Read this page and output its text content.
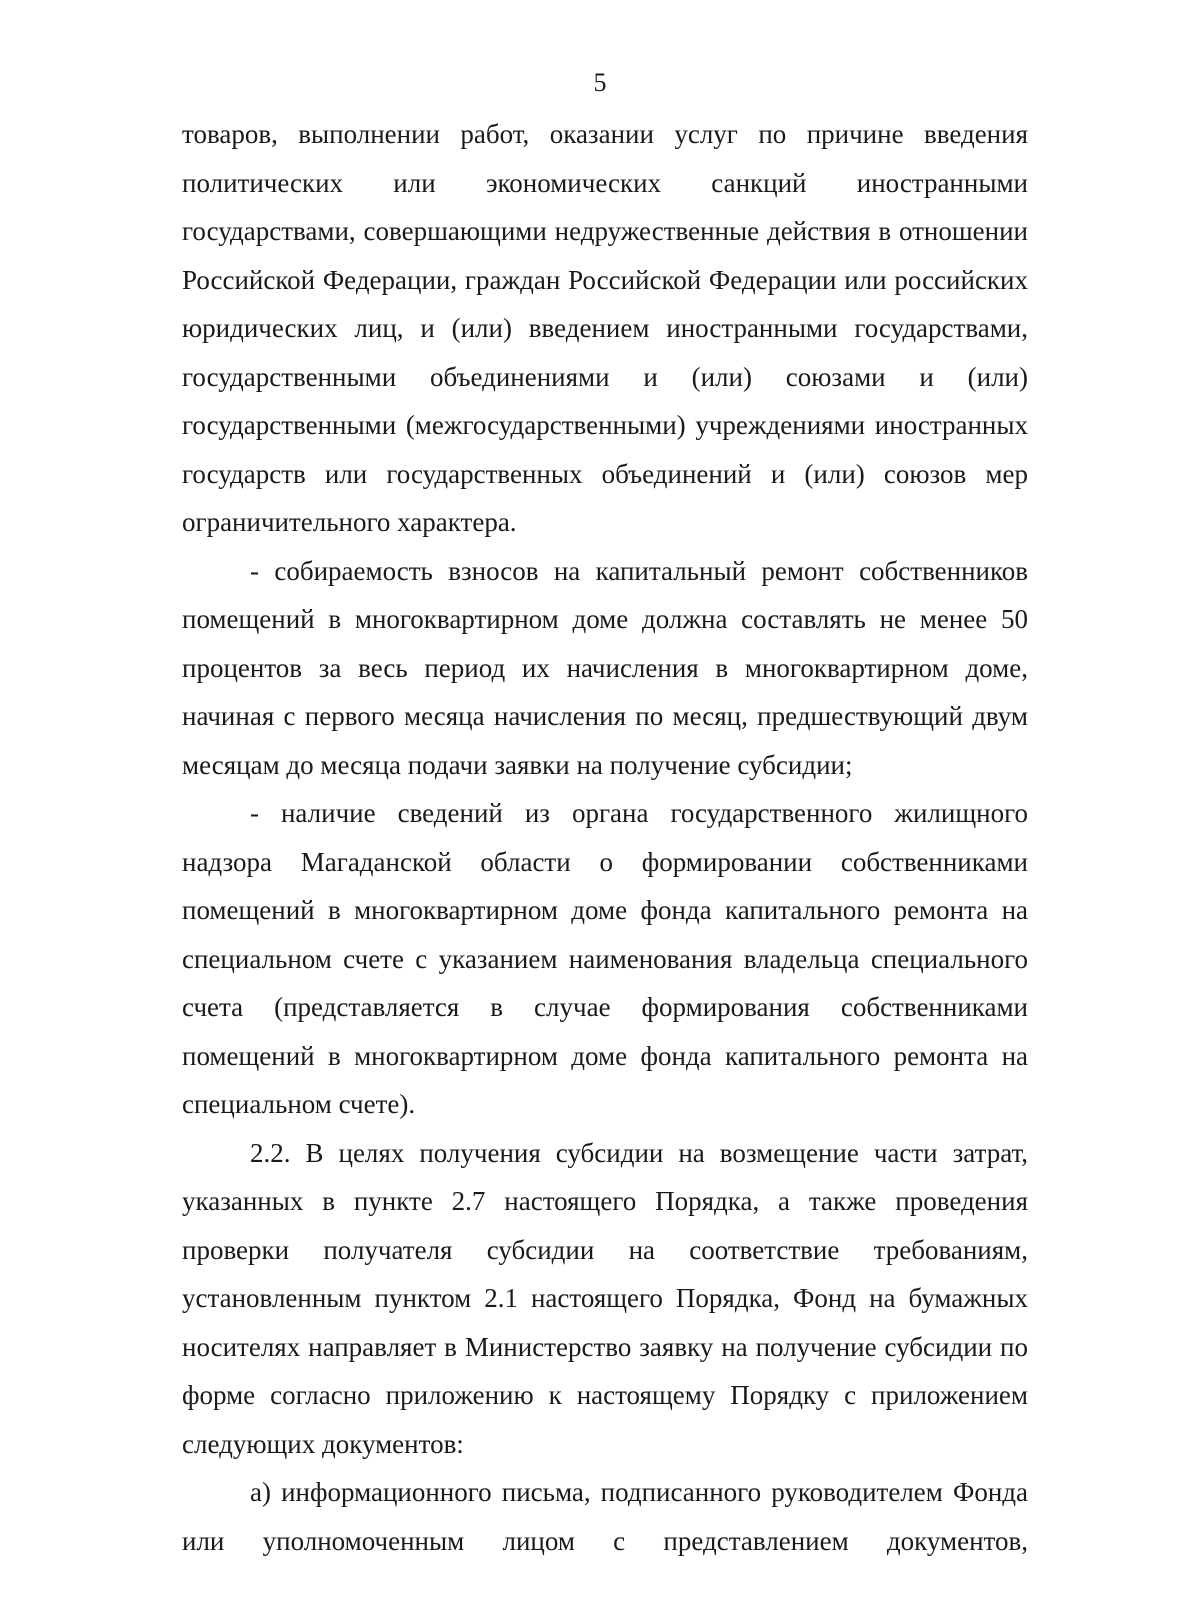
5

товаров, выполнении работ, оказании услуг по причине введения политических или экономических санкций иностранными государствами, совершающими недружественные действия в отношении Российской Федерации, граждан Российской Федерации или российских юридических лиц, и (или) введением иностранными государствами, государственными объединениями и (или) союзами и (или) государственными (межгосударственными) учреждениями иностранных государств или государственных объединений и (или) союзов мер ограничительного характера.

- собираемость взносов на капитальный ремонт собственников помещений в многоквартирном доме должна составлять не менее 50 процентов за весь период их начисления в многоквартирном доме, начиная с первого месяца начисления по месяц, предшествующий двум месяцам до месяца подачи заявки на получение субсидии;

- наличие сведений из органа государственного жилищного надзора Магаданской области о формировании собственниками помещений в многоквартирном доме фонда капитального ремонта на специальном счете с указанием наименования владельца специального счета (представляется в случае формирования собственниками помещений в многоквартирном доме фонда капитального ремонта на специальном счете).

2.2. В целях получения субсидии на возмещение части затрат, указанных в пункте 2.7 настоящего Порядка, а также проведения проверки получателя субсидии на соответствие требованиям, установленным пунктом 2.1 настоящего Порядка, Фонд на бумажных носителях направляет в Министерство заявку на получение субсидии по форме согласно приложению к настоящему Порядку с приложением следующих документов:

а) информационного письма, подписанного руководителем Фонда или уполномоченным лицом с представлением документов,
